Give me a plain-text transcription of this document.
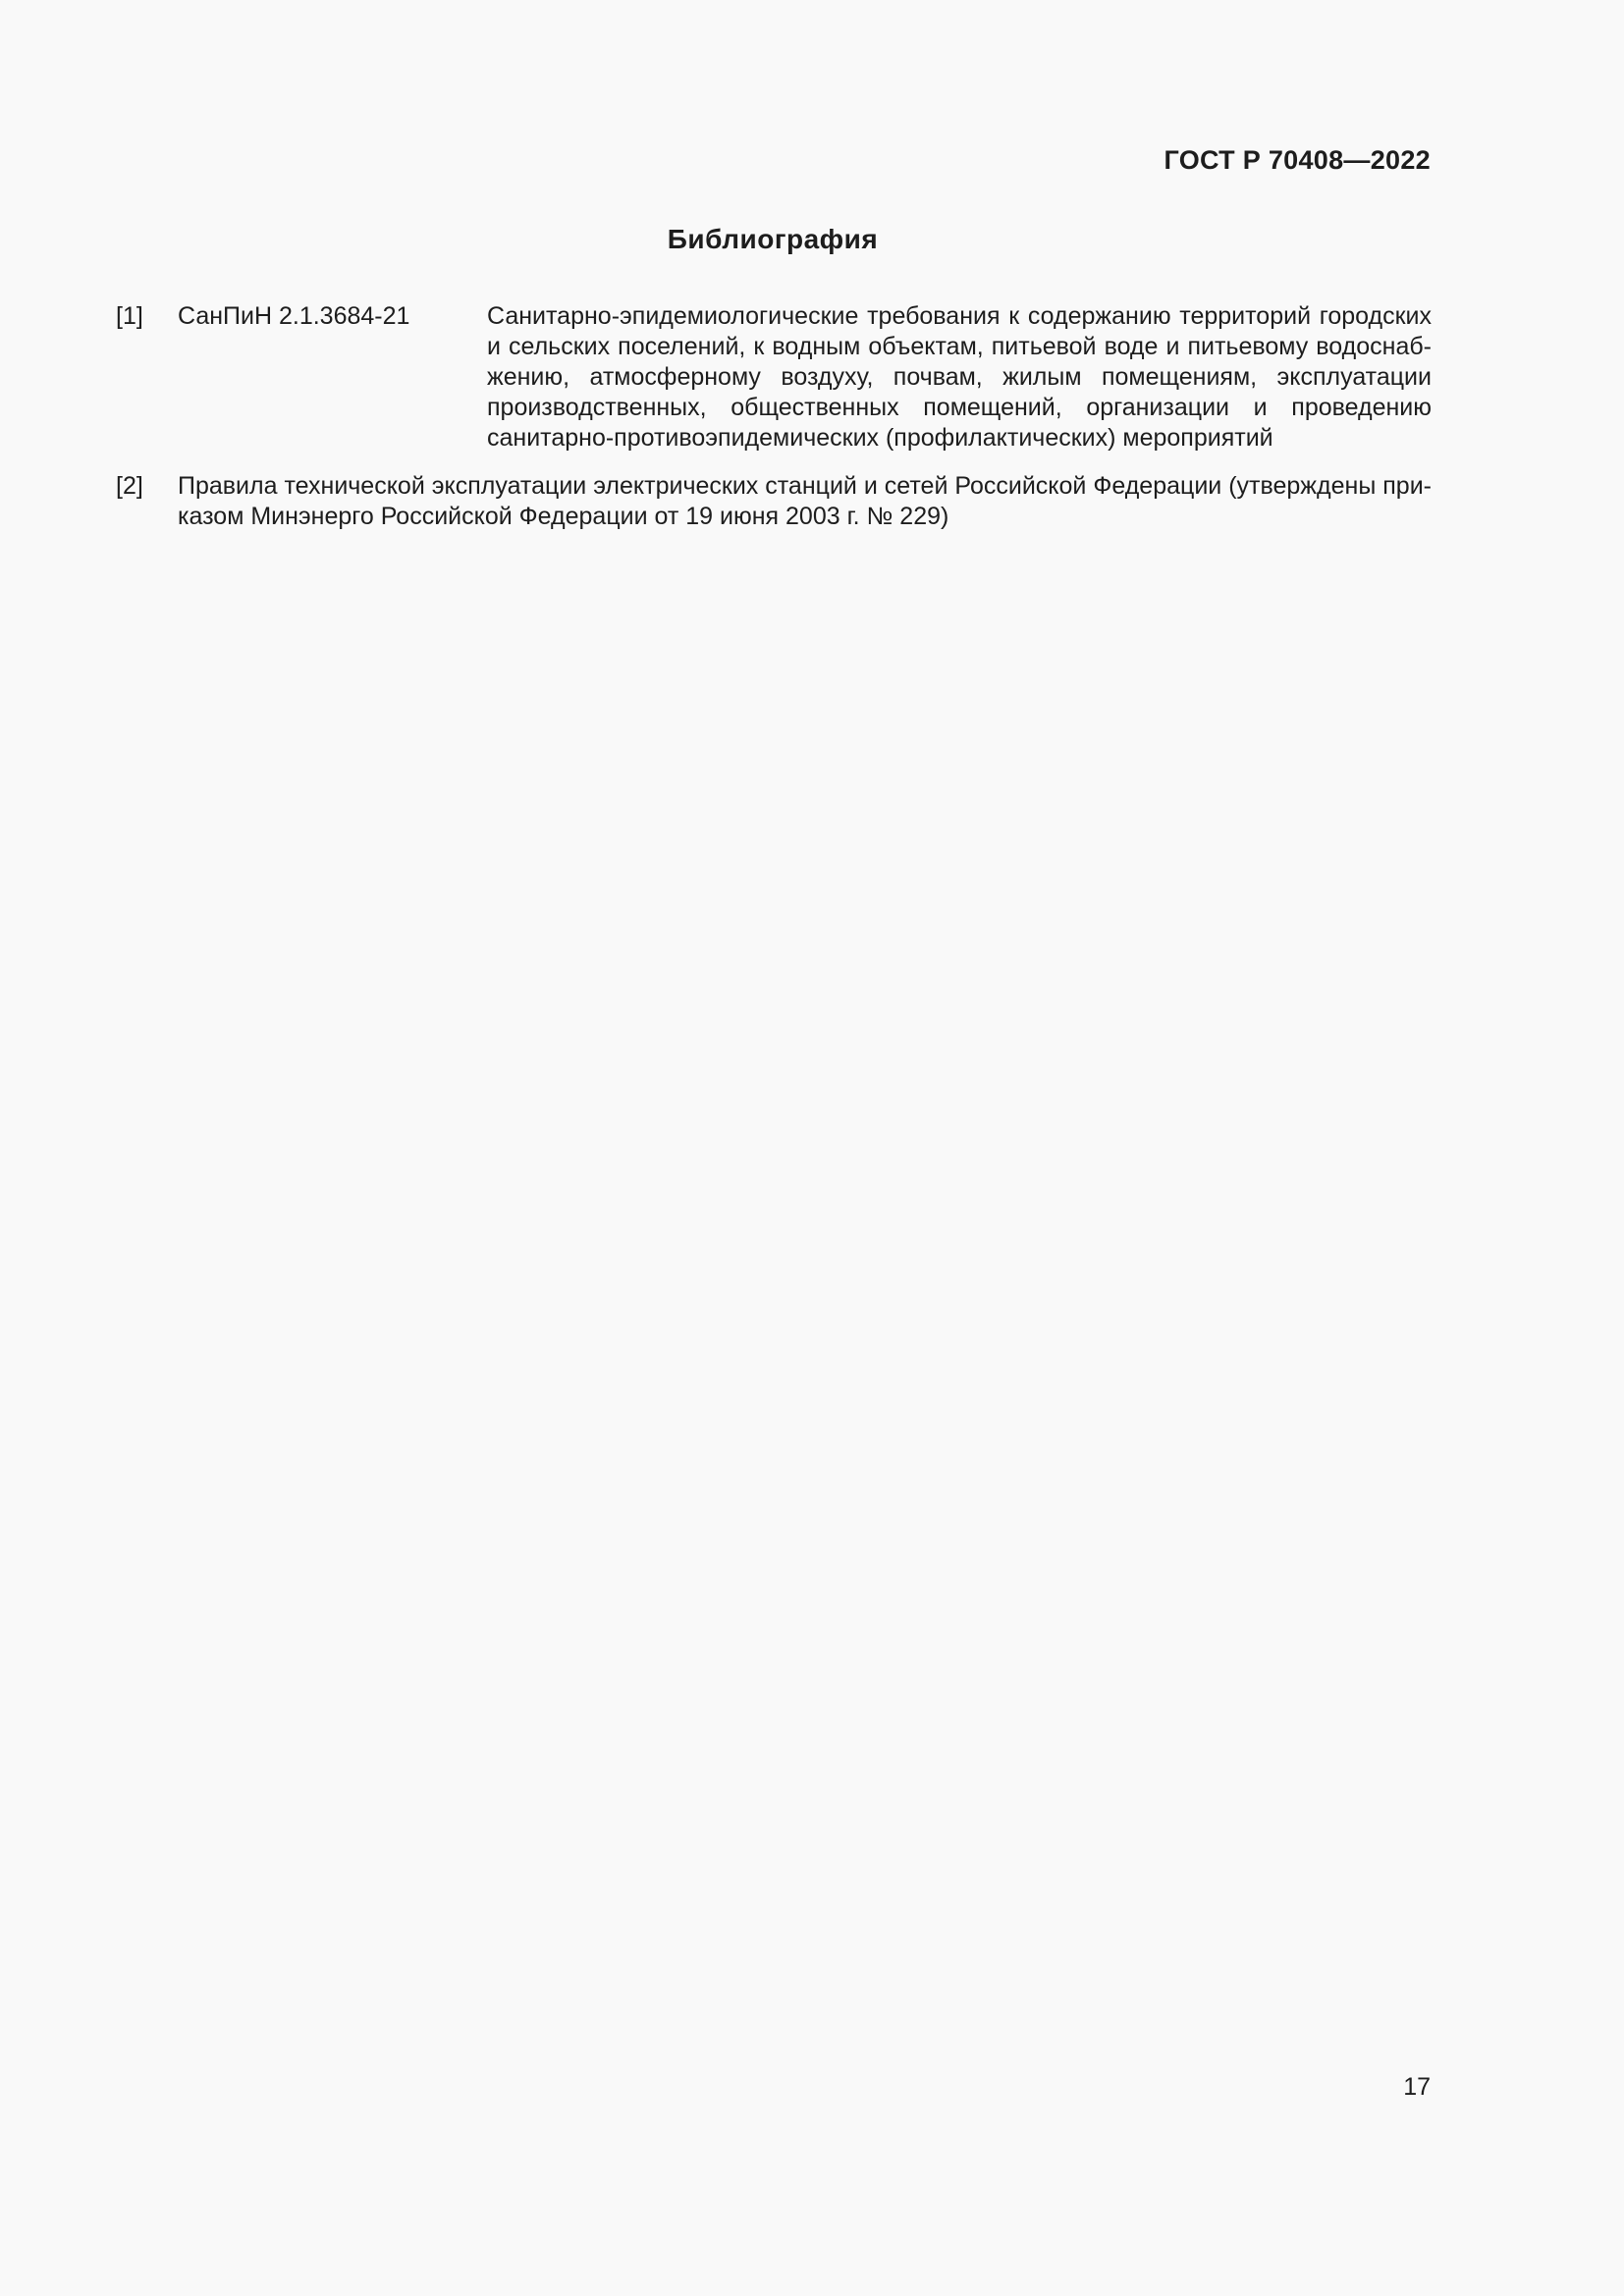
ГОСТ Р 70408—2022
Библиография
[1] СанПиН 2.1.3684-21	Санитарно-эпидемиологические требования к содержанию территорий городских и сельских поселений, к водным объектам, питьевой воде и питьевому водоснабжению, атмосферному воздуху, почвам, жилым помещениям, эксплуатации производственных, общественных помещений, организации и проведению санитарно-противоэпидемических (профилактических) мероприятий
[2] Правила технической эксплуатации электрических станций и сетей Российской Федерации (утверждены приказом Минэнерго Российской Федерации от 19 июня 2003 г. № 229)
17
